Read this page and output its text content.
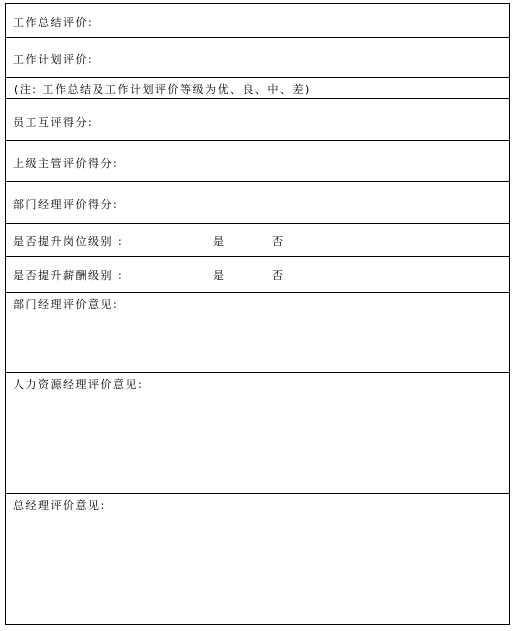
工作总结评价:
工作计划评价:
(注: 工作总结及工作计划评价等级为优、良、中、差)
员工互评得分:
上级主管评价得分:
部门经理评价得分:
是否提升岗位级别 :	是	否
是否提升薪酬级别 :	是	否
部门经理评价意见:
人力资源经理评价意见:
总经理评价意见:
